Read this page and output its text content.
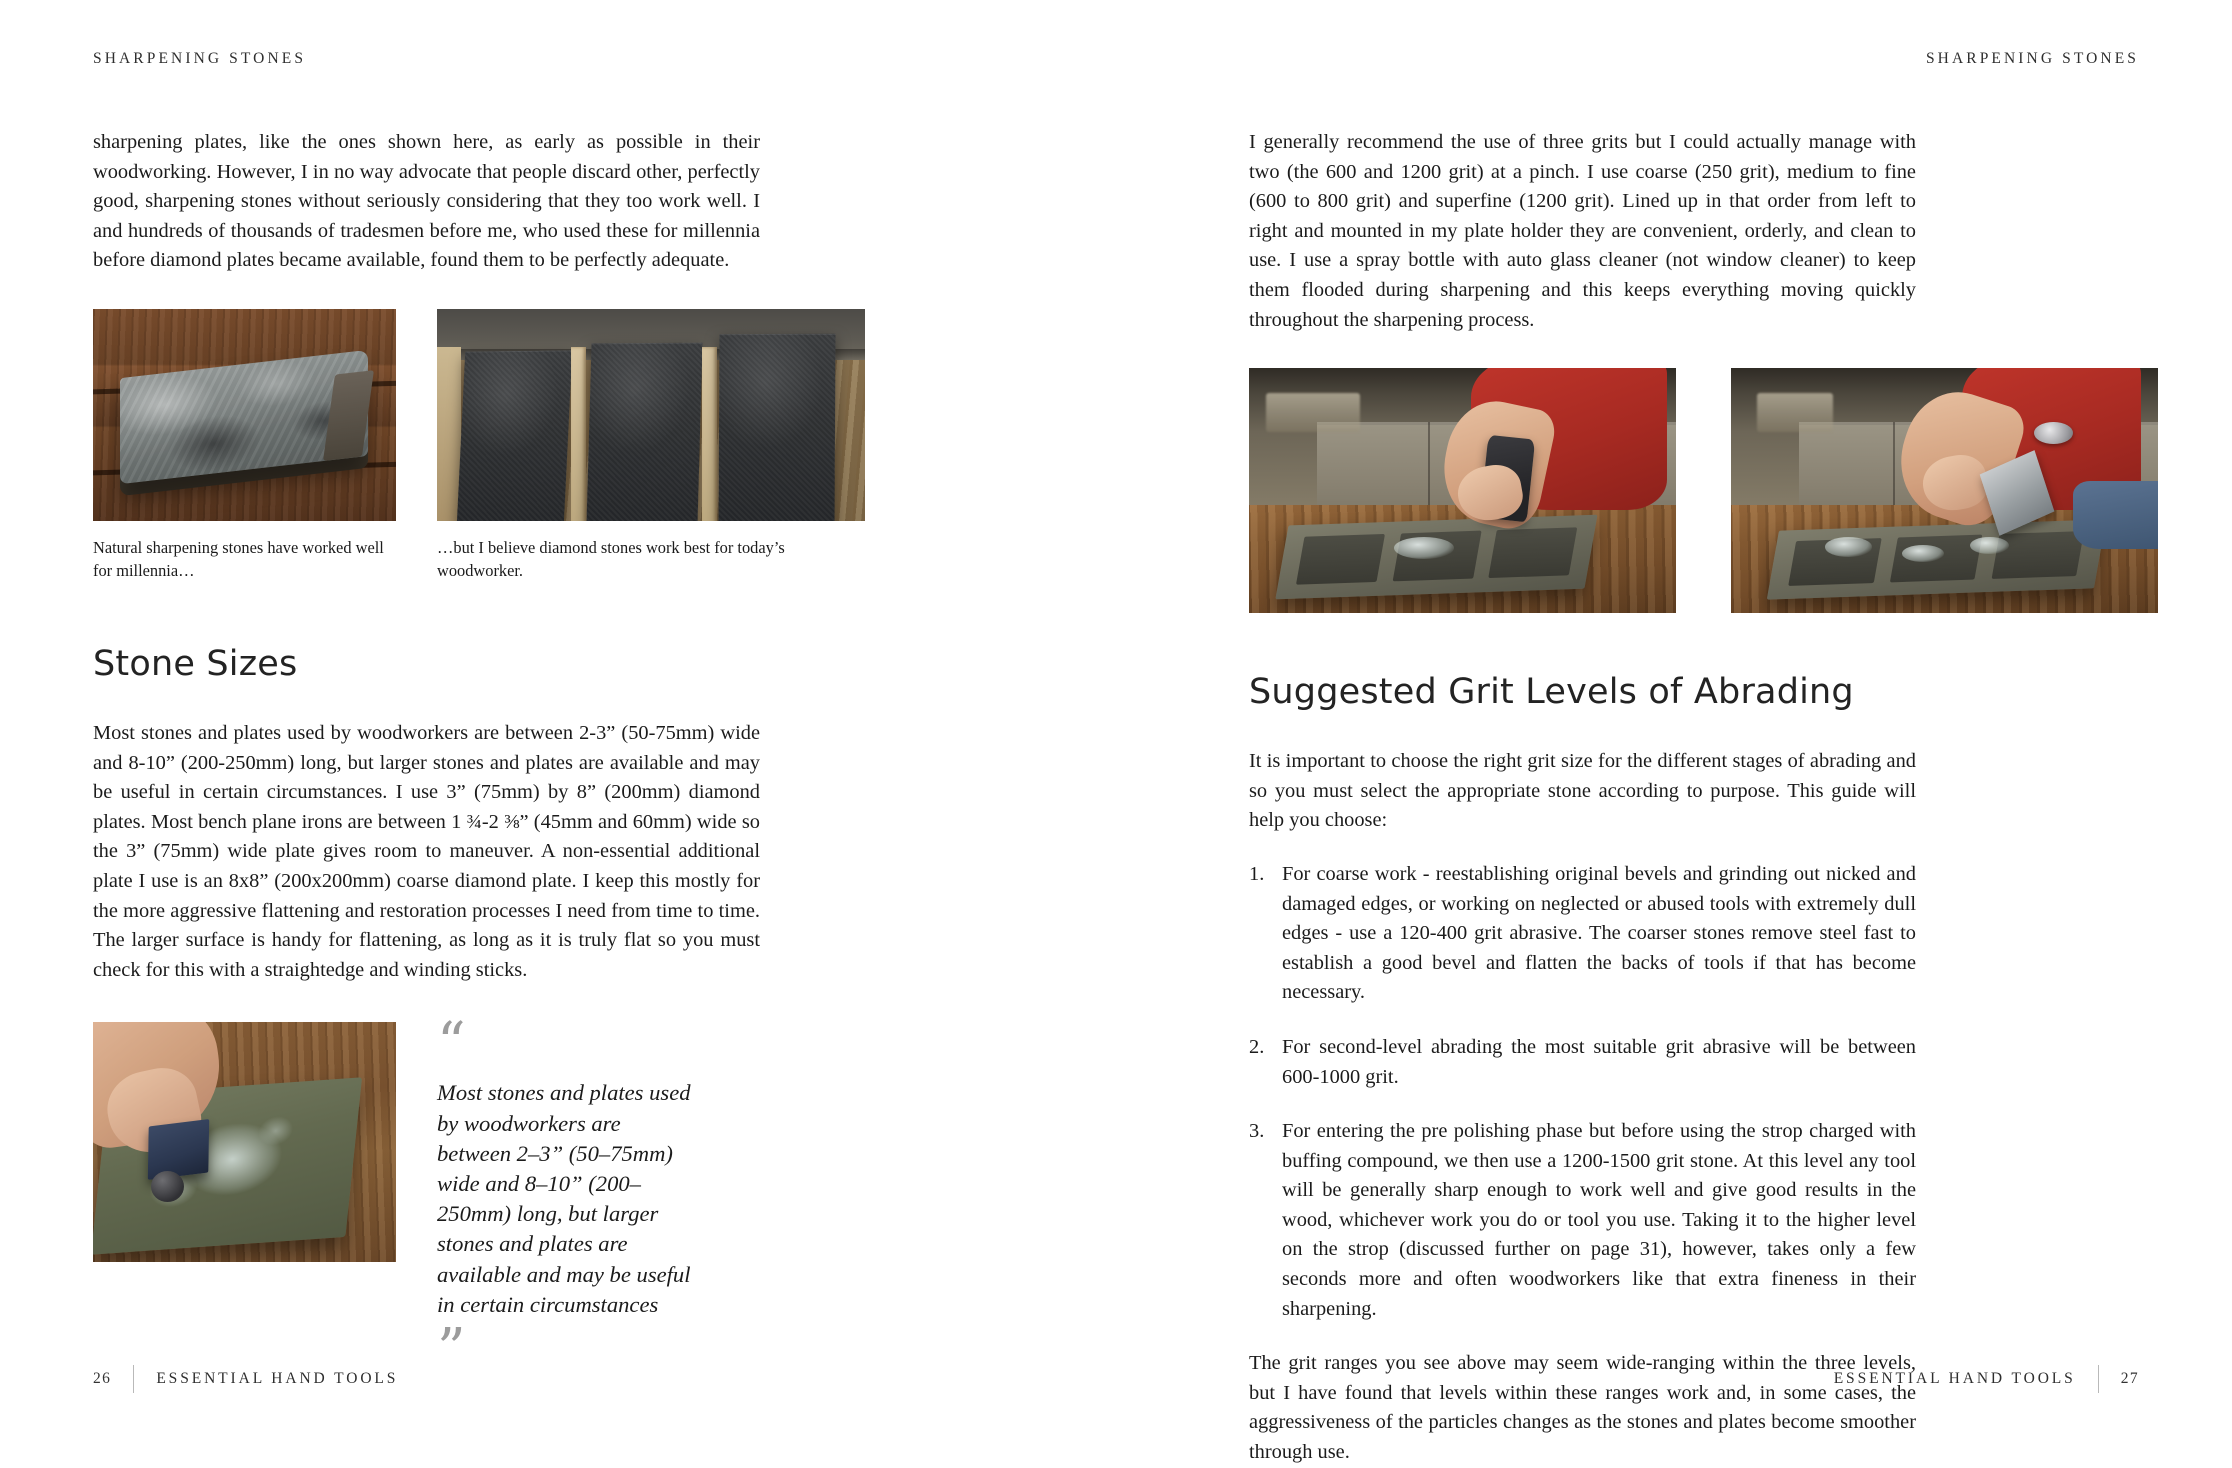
SHARPENING STONES

sharpening plates, like the ones shown here, as early as possible in their woodworking. However, I in no way advocate that people discard other, perfectly good, sharpening stones without seriously considering that they too work well. I and hundreds of thousands of tradesmen before me, who used these for millennia before diamond plates became available, found them to be perfectly adequate.

Natural sharpening stones have worked well for millennia…
…but I believe diamond stones work best for today’s woodworker.
Stone Sizes

Most stones and plates used by woodworkers are between 2-3” (50-75mm) wide and 8-10” (200-250mm) long, but larger stones and plates are available and may be useful in certain circumstances. I use 3” (75mm) by 8” (200mm) diamond plates. Most bench plane irons are between 1 ¾-2 ⅜” (45mm and 60mm) wide so the 3” (75mm) wide plate gives room to maneuver. A non-essential additional plate I use is an 8x8” (200x200mm) coarse diamond plate. I keep this mostly for the more aggressive flattening and restoration processes I need from time to time. The larger surface is handy for flattening, as long as it is truly flat so you must check for this with a straightedge and winding sticks.

“
Most stones and plates used by woodworkers are between 2–3” (50–75mm) wide and 8–10” (200–250mm) long, but larger stones and plates are available and may be useful in certain circumstances
”
26	ESSENTIAL HAND TOOLS
SHARPENING STONES

I generally recommend the use of three grits but I could actually manage with two (the 600 and 1200 grit) at a pinch. I use coarse (250 grit), medium to fine (600 to 800 grit) and superfine (1200 grit). Lined up in that order from left to right and mounted in my plate holder they are convenient, orderly, and clean to use. I use a spray bottle with auto glass cleaner (not window cleaner) to keep them flooded during sharpening and this keeps everything moving quickly throughout the sharpening process.

Suggested Grit Levels of Abrading

It is important to choose the right grit size for the different stages of abrading and so you must select the appropriate stone according to purpose. This guide will help you choose:

1. For coarse work - reestablishing original bevels and grinding out nicked and damaged edges, or working on neglected or abused tools with extremely dull edges - use a 120-400 grit abrasive. The coarser stones remove steel fast to establish a good bevel and flatten the backs of tools if that has become necessary.
2. For second-level abrading the most suitable grit abrasive will be between 600-1000 grit.
3. For entering the pre polishing phase but before using the strop charged with buffing compound, we then use a 1200-1500 grit stone. At this level any tool will be generally sharp enough to work well and give good results in the wood, whichever work you do or tool you use. Taking it to the higher level on the strop (discussed further on page 31), however, takes only a few seconds more and often woodworkers like that extra fineness in their sharpening.

The grit ranges you see above may seem wide-ranging within the three levels, but I have found that levels within these ranges work and, in some cases, the aggressiveness of the particles changes as the stones and plates become smoother through use.

ESSENTIAL HAND TOOLS	27
